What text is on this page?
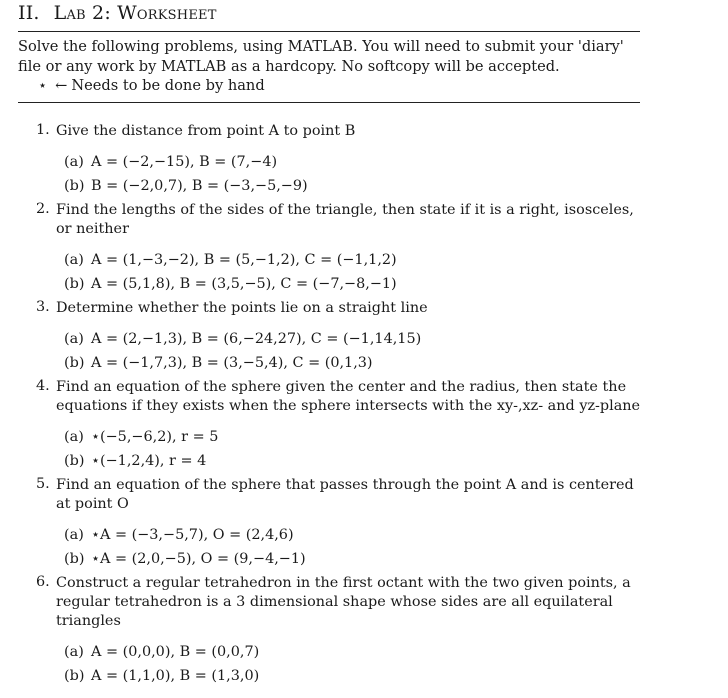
II. Lab 2: Worksheet
Solve the following problems, using MATLAB. You will need to submit your 'diary' file or any work by MATLAB as a hardcopy. No softcopy will be accepted.
⋆ ← Needs to be done by hand
1. Give the distance from point A to point B
(a) A = (−2,−15), B = (7,−4)
(b) B = (−2,0,7), B = (−3,−5,−9)
2. Find the lengths of the sides of the triangle, then state if it is a right, isosceles, or neither
(a) A = (1,−3,−2), B = (5,−1,2), C = (−1,1,2)
(b) A = (5,1,8), B = (3,5,−5), C = (−7,−8,−1)
3. Determine whether the points lie on a straight line
(a) A = (2,−1,3), B = (6,−24,27), C = (−1,14,15)
(b) A = (−1,7,3), B = (3,−5,4), C = (0,1,3)
4. Find an equation of the sphere given the center and the radius, then state the equations if they exists when the sphere intersects with the xy-,xz- and yz-plane
(a) ⋆(−5,−6,2), r = 5
(b) ⋆(−1,2,4), r = 4
5. Find an equation of the sphere that passes through the point A and is centered at point O
(a) ⋆A = (−3,−5,7), O = (2,4,6)
(b) ⋆A = (2,0,−5), O = (9,−4,−1)
6. Construct a regular tetrahedron in the first octant with the two given points, a regular tetrahedron is a 3 dimensional shape whose sides are all equilateral triangles
(a) A = (0,0,0), B = (0,0,7)
(b) A = (1,1,0), B = (1,3,0)
